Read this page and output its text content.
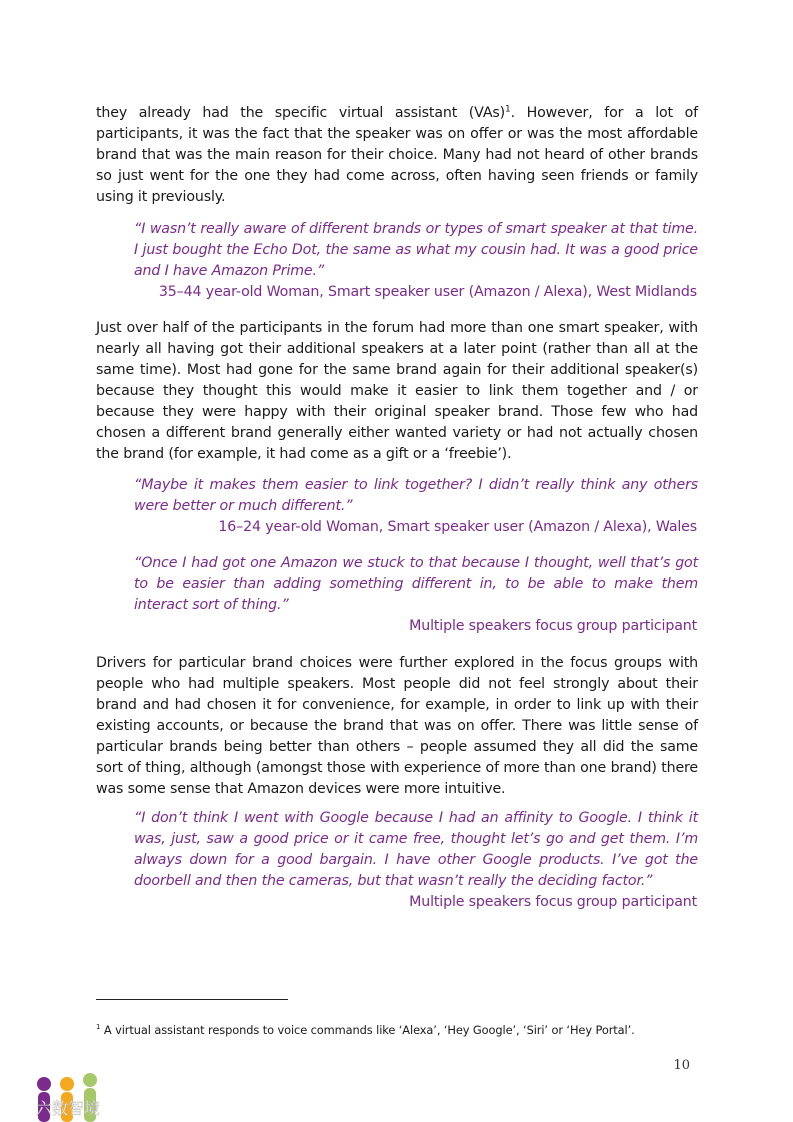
they already had the specific virtual assistant (VAs)$^1$. However, for a lot of participants, it was the fact that the speaker was on offer or was the most affordable brand that was the main reason for their choice. Many had not heard of other brands so just went for the one they had come across, often having seen friends or family using it previously.

“I wasn’t really aware of different brands or types of smart speaker at that time. I just bought the Echo Dot, the same as what my cousin had. It was a good price and I have Amazon Prime.”

35–44 year-old Woman, Smart speaker user (Amazon / Alexa), West Midlands

Just over half of the participants in the forum had more than one smart speaker, with nearly all having got their additional speakers at a later point (rather than all at the same time). Most had gone for the same brand again for their additional speaker(s) because they thought this would make it easier to link them together and / or because they were happy with their original speaker brand. Those few who had chosen a different brand generally either wanted variety or had not actually chosen the brand (for example, it had come as a gift or a ‘freebie’).

“Maybe it makes them easier to link together? I didn’t really think any others were better or much different.”

16–24 year-old Woman, Smart speaker user (Amazon / Alexa), Wales

“Once I had got one Amazon we stuck to that because I thought, well that’s got to be easier than adding something different in, to be able to make them interact sort of thing.”

Multiple speakers focus group participant

Drivers for particular brand choices were further explored in the focus groups with people who had multiple speakers. Most people did not feel strongly about their brand and had chosen it for convenience, for example, in order to link up with their existing accounts, or because the brand that was on offer. There was little sense of particular brands being better than others – people assumed they all did the same sort of thing, although (amongst those with experience of more than one brand) there was some sense that Amazon devices were more intuitive.

“I don’t think I went with Google because I had an affinity to Google. I think it was, just, saw a good price or it came free, thought let’s go and get them. I’m always down for a good bargain. I have other Google products. I’ve got the doorbell and then the cameras, but that wasn’t really the deciding factor.”

Multiple speakers focus group participant

$^1$ A virtual assistant responds to voice commands like ‘Alexa’, ‘Hey Google’, ‘Siri’ or ‘Hey Portal’.

10
六数智境
